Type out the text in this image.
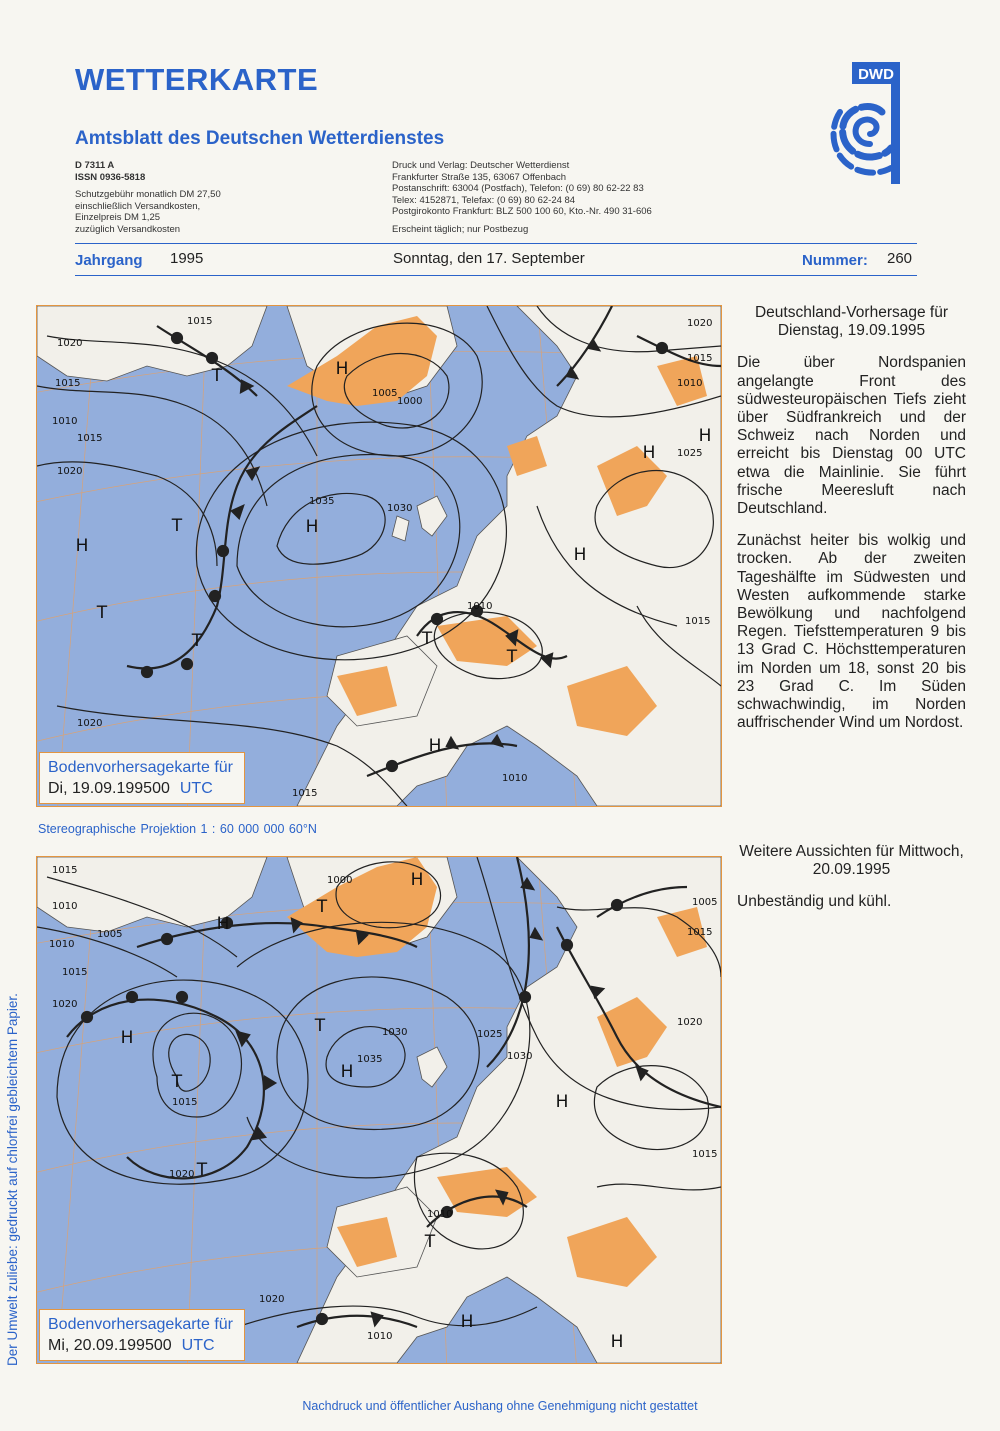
WETTERKARTE
Amtsblatt des Deutschen Wetterdienstes
D 7311 A
ISSN 0936-5818
Schutzgebühr monatlich DM 27,50
einschließlich Versandkosten,
Einzelpreis DM 1,25
zuzüglich Versandkosten
Druck und Verlag: Deutscher Wetterdienst
Frankfurter Straße 135, 63067 Offenbach
Postanschrift: 63004 (Postfach), Telefon: (0 69) 80 62-22 83
Telex: 4152871, Telefax: (0 69) 80 62-24 84
Postgirokonto Frankfurt: BLZ 500 100 60, Kto.-Nr. 490 31-606
Erscheint täglich; nur Postbezug
DWD
Jahrgang 1995	Sonntag, den 17. September	Nummer: 260
H
T	H
T
T
H
H
H
T
T
T
H
H
1020
1015
1010
1015
1020
1015
1005
1000
1035
1030
1010
1015
1020
1025
1015
1010
1015
1020
1010
Bodenvorhersagekarte für
Di, 19.09.199500 UTC
Stereographische Projektion 1 : 60 000 000 60°N
H
H
T
T
H
T
H
T
H
H
T
H
1015
1010
1005
1010
1015
1020
1000
1035
1030	1025
1030
1015
1020
1020
1010
1015
1020
1010
1015
1005
Bodenvorhersagekarte für
Mi, 20.09.199500 UTC

Deutschland-Vorhersage für Dienstag, 19.09.1995

Die über Nordspanien angelangte Front des südwesteuropäischen Tiefs zieht über Südfrankreich und der Schweiz nach Norden und erreicht bis Dienstag 00 UTC etwa die Mainlinie. Sie führt frische Meeresluft nach Deutschland.

Zunächst heiter bis wolkig und trocken. Ab der zweiten Tageshälfte im Südwesten und Westen aufkommende starke Bewölkung und nachfolgend Regen. Tiefsttemperaturen 9 bis 13 Grad C. Höchsttemperaturen im Norden um 18, sonst 20 bis 23 Grad C. Im Süden schwachwindig, im Norden auffrischender Wind um Nordost.

Weitere Aussichten für Mittwoch, 20.09.1995

Unbeständig und kühl.

Der Umwelt zuliebe: gedruckt auf chlorfrei gebleichtem Papier.
Nachdruck und öffentlicher Aushang ohne Genehmigung nicht gestattet
